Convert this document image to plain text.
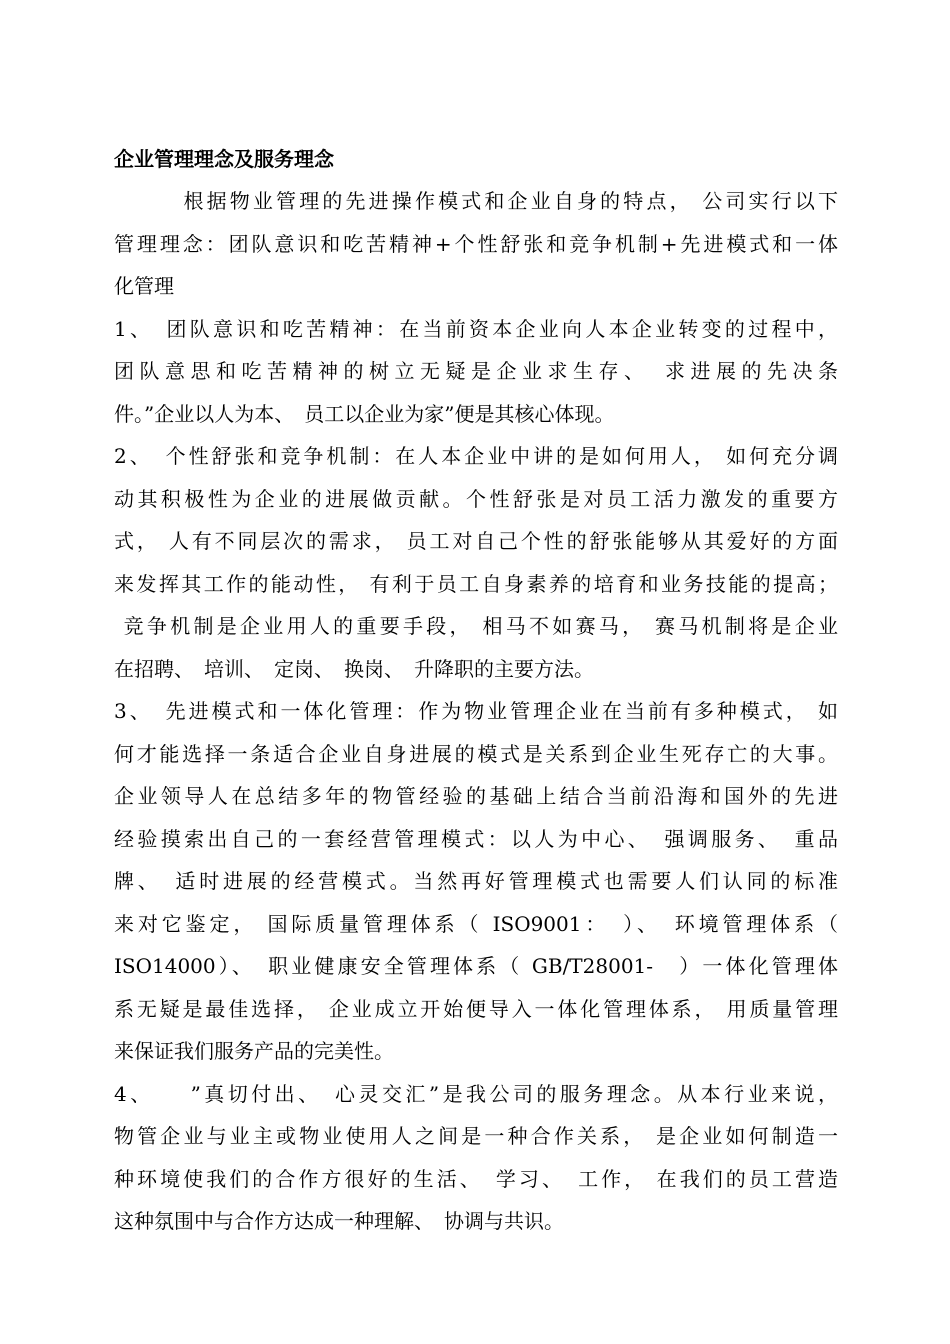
企业管理理念及服务理念
　　　根据物业管理的先进操作模式和企业自身的特点， 公司实行以下
管理理念：团队意识和吃苦精神+个性舒张和竞争机制+先进模式和一体
化管理
1、　团队意识和吃苦精神：在当前资本企业向人本企业转变的过程中，
团队意思和吃苦精神的树立无疑是企业求生存、　求进展的先决条
件。”企业以人为本、　员工以企业为家”便是其核心体现。
2、　个性舒张和竞争机制：在人本企业中讲的是如何用人， 如何充分调
动其积极性为企业的进展做贡献。个性舒张是对员工活力激发的重要方
式， 人有不同层次的需求， 员工对自己个性的舒张能够从其爱好的方面
来发挥其工作的能动性， 有利于员工自身素养的培育和业务技能的提高；
竞争机制是企业用人的重要手段， 相马不如赛马， 赛马机制将是企业
在招聘、　培训、　定岗、　换岗、　升降职的主要方法。
3、　先进模式和一体化管理：作为物业管理企业在当前有多种模式， 如
何才能选择一条适合企业自身进展的模式是关系到企业生死存亡的大事。
企业领导人在总结多年的物管经验的基础上结合当前沿海和国外的先进
经验摸索出自己的一套经营管理模式：以人为中心、　强调服务、　重品
牌、　适时进展的经营模式。当然再好管理模式也需要人们认同的标准
来对它鉴定， 国际质量管理体系（ ISO9001：　）、　环境管理体系（
ISO14000）、　职业健康安全管理体系（ GB/T28001-　）一体化管理体
系无疑是最佳选择， 企业成立开始便导入一体化管理体系， 用质量管理
来保证我们服务产品的完美性。
4、　　”真切付出、　心灵交汇”是我公司的服务理念。从本行业来说，
物管企业与业主或物业使用人之间是一种合作关系， 是企业如何制造一
种环境使我们的合作方很好的生活、　学习、　工作， 在我们的员工营造
这种氛围中与合作方达成一种理解、　协调与共识。
